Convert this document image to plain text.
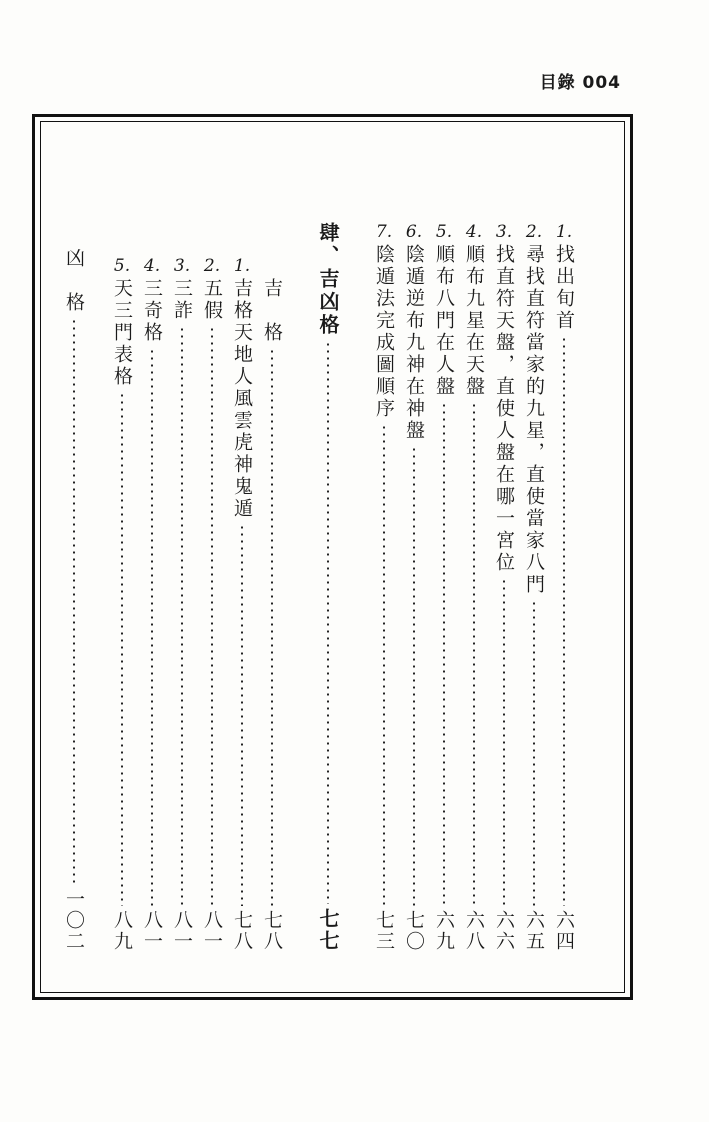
目錄 004
1.
找出旬首
六四
2.
尋找直符當家的九星，直使當家八門
六五
3.
找直符天盤，直使人盤在哪一宮位
六六
4.
順布九星在天盤
六八
5.
順布八門在人盤
六九
6.
陰遁逆布九神在神盤
七〇
7.
陰遁法完成圖順序
七三
肆、吉凶格
七七
吉　格
七八
1.
吉格天地人風雲虎神鬼遁
七八
2.
五假
八一
3.
三詐
八一
4.
三奇格
八一
5.
天三門表格
八九
凶　格
一〇二
